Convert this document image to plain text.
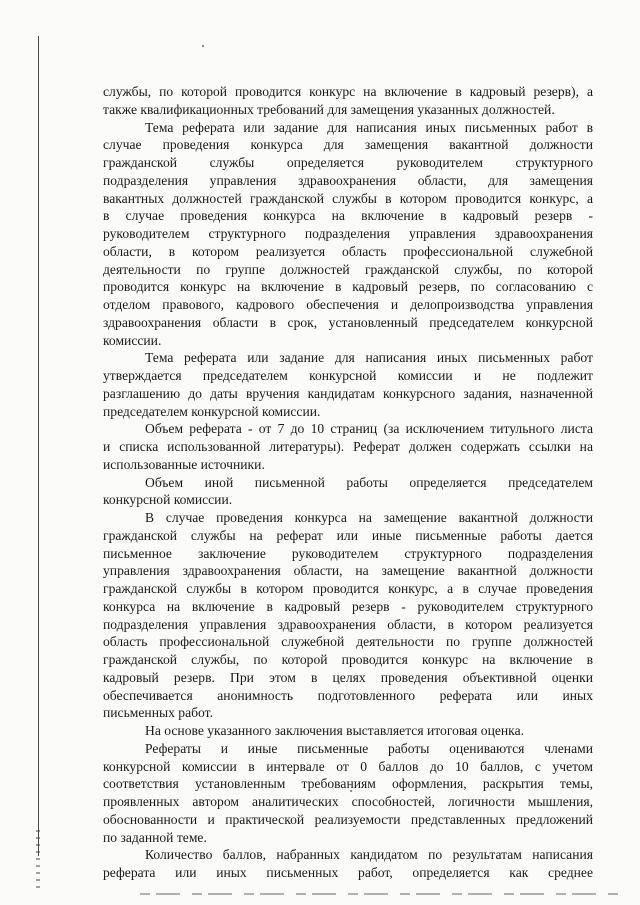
службы, по которой проводится конкурс на включение в кадровый резерв), а
также квалификационных требований для замещения указанных должностей.
Тема реферата или задание для написания иных письменных работ в
случае проведения конкурса для замещения вакантной должности
гражданской службы определяется руководителем структурного
подразделения управления здравоохранения области, для замещения
вакантных должностей гражданской службы в котором проводится конкурс, а
в случае проведения конкурса на включение в кадровый резерв -
руководителем структурного подразделения управления здравоохранения
области, в котором реализуется область профессиональной служебной
деятельности по группе должностей гражданской службы, по которой
проводится конкурс на включение в кадровый резерв, по согласованию с
отделом правового, кадрового обеспечения и делопроизводства управления
здравоохранения области в срок, установленный председателем конкурсной
комиссии.
Тема реферата или задание для написания иных письменных работ
утверждается председателем конкурсной комиссии и не подлежит
разглашению до даты вручения кандидатам конкурсного задания, назначенной
председателем конкурсной комиссии.
Объем реферата - от 7 до 10 страниц (за исключением титульного листа
и списка использованной литературы). Реферат должен содержать ссылки на
использованные источники.
Объем иной письменной работы определяется председателем
конкурсной комиссии.
В случае проведения конкурса на замещение вакантной должности
гражданской службы на реферат или иные письменные работы дается
письменное заключение руководителем структурного подразделения
управления здравоохранения области, на замещение вакантной должности
гражданской службы в котором проводится конкурс, а в случае проведения
конкурса на включение в кадровый резерв - руководителем структурного
подразделения управления здравоохранения области, в котором реализуется
область профессиональной служебной деятельности по группе должностей
гражданской службы, по которой проводится конкурс на включение в
кадровый резерв. При этом в целях проведения объективной оценки
обеспечивается анонимность подготовленного реферата или иных
письменных работ.
На основе указанного заключения выставляется итоговая оценка.
Рефераты и иные письменные работы оцениваются членами
конкурсной комиссии в интервале от 0 баллов до 10 баллов, с учетом
соответствия установленным требованиям оформления, раскрытия темы,
проявленных автором аналитических способностей, логичности мышления,
обоснованности и практической реализуемости представленных предложений
по заданной теме.
Количество баллов, набранных кандидатом по результатам написания
реферата или иных письменных работ, определяется как среднее
